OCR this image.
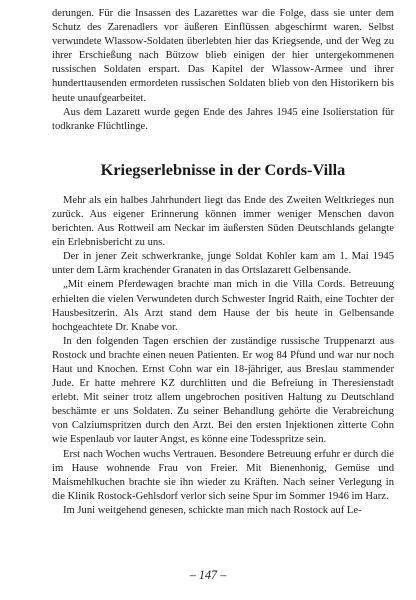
derungen. Für die Insassen des Lazarettes war die Folge, dass sie unter dem Schutz des Zarenadlers vor äußeren Einflüssen abgeschirmt waren. Selbst verwundete Wlassow-Soldaten überlebten hier das Kriegsende, und der Weg zu ihrer Erschießung nach Bützow blieb einigen der hier untergekommenen russischen Soldaten erspart. Das Kapitel der Wlassow-Armee und ihrer hunderttausenden ermordeten russischen Soldaten blieb von den Historikern bis heute unaufgearbeitet.

Aus dem Lazarett wurde gegen Ende des Jahres 1945 eine Isolierstation für todkranke Flüchtlinge.

Kriegserlebnisse in der Cords-Villa

Mehr als ein halbes Jahrhundert liegt das Ende des Zweiten Weltkrieges nun zurück. Aus eigener Erinnerung können immer weniger Menschen davon berichten. Aus Rottweil am Neckar im äußersten Süden Deutschlands gelangte ein Erlebnisbericht zu uns.

Der in jener Zeit schwerkranke, junge Soldat Kohler kam am 1. Mai 1945 unter dem Lärm krachender Granaten in das Ortslazarett Gelbensande.

„Mit einem Pferdewagen brachte man mich in die Villa Cords. Betreuung erhielten die vielen Verwundeten durch Schwester Ingrid Raith, eine Tochter der Hausbesitzerin. Als Arzt stand dem Hause der bis heute in Gelbensande hochgeachtete Dr. Knabe vor.

In den folgenden Tagen erschien der zuständige russische Truppenarzt aus Rostock und brachte einen neuen Patienten. Er wog 84 Pfund und war nur noch Haut und Knochen. Ernst Cohn war ein 18-jähriger, aus Breslau stammender Jude. Er hatte mehrere KZ durchlitten und die Befreiung in Theresienstadt erlebt. Mit seiner trotz allem ungebrochen positiven Haltung zu Deutschland beschämte er uns Soldaten. Zu seiner Behandlung gehörte die Verabreichung von Calziumspritzen durch den Arzt. Bei den ersten Injektionen zitterte Cohn wie Espenlaub vor lauter Angst, es könne eine Todesspritze sein.

Erst nach Wochen wuchs Vertrauen. Besondere Betreuung erfuhr er durch die im Hause wohnende Frau von Freier. Mit Bienenhonig, Gemüse und Maismehlkuchen brachte sie ihn wieder zu Kräften. Nach seiner Verlegung in die Klinik Rostock-Gehlsdorf verlor sich seine Spur im Sommer 1946 im Harz.

Im Juni weitgehend genesen, schickte man mich nach Rostock auf Le-

– 147 –
